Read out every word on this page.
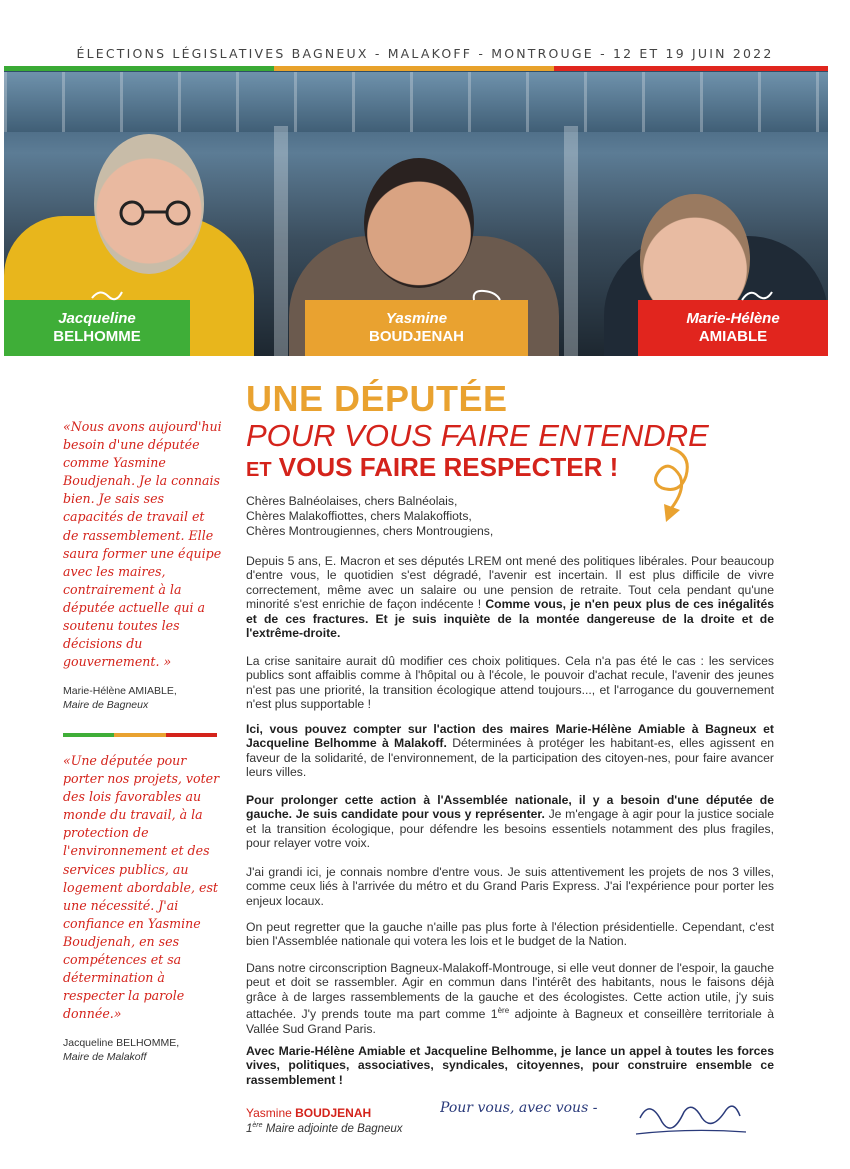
ÉLECTIONS LÉGISLATIVES BAGNEUX - MALAKOFF - MONTROUGE - 12 ET 19 JUIN 2022
Jacqueline
BELHOMME
Yasmine
BOUDJENAH
Marie-Hélène
AMIABLE
«Nous avons aujourd'hui besoin d'une députée comme Yasmine Boudjenah. Je la connais bien. Je sais ses capacités de travail et de rassemblement. Elle saura former une équipe avec les maires, contrairement à la députée actuelle qui a soutenu toutes les décisions du gouvernement. »
Marie-Hélène AMIABLE,
Maire de Bagneux
«Une députée pour porter nos projets, voter des lois favorables au monde du travail, à la protection de l'environnement et des services publics, au logement abordable, est une nécessité. J'ai confiance en Yasmine Boudjenah, en ses compétences et sa détermination à respecter la parole donnée.»
Jacqueline BELHOMME,
Maire de Malakoff
UNE DÉPUTÉE
POUR VOUS FAIRE ENTENDRE
ET VOUS FAIRE RESPECTER !
Chères Balnéolaises, chers Balnéolais,
Chères Malakoffiottes, chers Malakoffiots,
Chères Montrougiennes, chers Montrougiens,
Depuis 5 ans, E. Macron et ses députés LREM ont mené des politiques libérales. Pour beaucoup d'entre vous, le quotidien s'est dégradé, l'avenir est incertain. Il est plus difficile de vivre correctement, même avec un salaire ou une pension de retraite. Tout cela pendant qu'une minorité s'est enrichie de façon indécente ! Comme vous, je n'en peux plus de ces inégalités et de ces fractures. Et je suis inquiète de la montée dangereuse de la droite et de l'extrême-droite.
La crise sanitaire aurait dû modifier ces choix politiques. Cela n'a pas été le cas : les services publics sont affaiblis comme à l'hôpital ou à l'école, le pouvoir d'achat recule, l'avenir des jeunes n'est pas une priorité, la transition écologique attend toujours..., et l'arrogance du gouvernement n'est plus supportable !
Ici, vous pouvez compter sur l'action des maires Marie-Hélène Amiable à Bagneux et Jacqueline Belhomme à Malakoff. Déterminées à protéger les habitant-es, elles agissent en faveur de la solidarité, de l'environnement, de la participation des citoyen-nes, pour faire avancer leurs villes.
Pour prolonger cette action à l'Assemblée nationale, il y a besoin d'une députée de gauche. Je suis candidate pour vous y représenter. Je m'engage à agir pour la justice sociale et la transition écologique, pour défendre les besoins essentiels notamment des plus fragiles, pour relayer votre voix.
J'ai grandi ici, je connais nombre d'entre vous. Je suis attentivement les projets de nos 3 villes, comme ceux liés à l'arrivée du métro et du Grand Paris Express. J'ai l'expérience pour porter les enjeux locaux.
On peut regretter que la gauche n'aille pas plus forte à l'élection présidentielle. Cependant, c'est bien l'Assemblée nationale qui votera les lois et le budget de la Nation.
Dans notre circonscription Bagneux-Malakoff-Montrouge, si elle veut donner de l'espoir, la gauche peut et doit se rassembler. Agir en commun dans l'intérêt des habitants, nous le faisons déjà grâce à de larges rassemblements de la gauche et des écologistes. Cette action utile, j'y suis attachée. J'y prends toute ma part comme 1ère adjointe à Bagneux et conseillère territoriale à Vallée Sud Grand Paris.
Avec Marie-Hélène Amiable et Jacqueline Belhomme, je lance un appel à toutes les forces vives, politiques, associatives, syndicales, citoyennes, pour construire ensemble ce rassemblement !
Yasmine BOUDJENAH
1ère Maire adjointe de Bagneux
Pour vous, avec vous -
